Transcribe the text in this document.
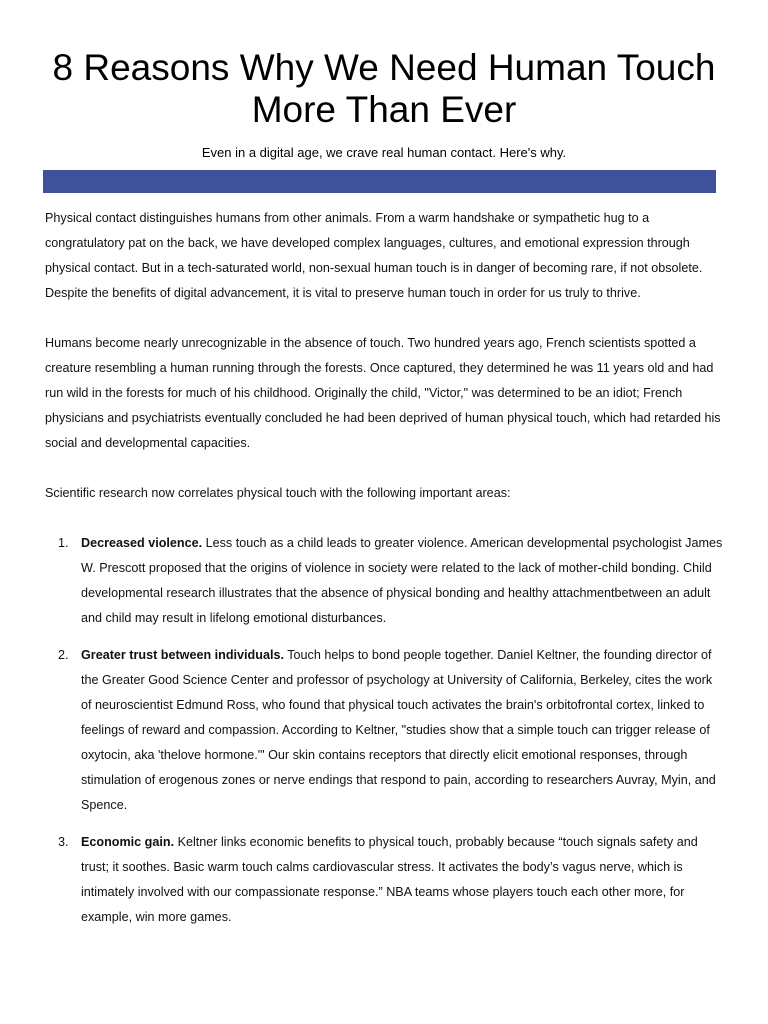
8 Reasons Why We Need Human Touch More Than Ever

Even in a digital age, we crave real human contact. Here's why.

Physical contact distinguishes humans from other animals. From a warm handshake or sympathetic hug to a congratulatory pat on the back, we have developed complex languages, cultures, and emotional expression through physical contact. But in a tech-saturated world, non-sexual human touch is in danger of becoming rare, if not obsolete. Despite the benefits of digital advancement, it is vital to preserve human touch in order for us truly to thrive.

Humans become nearly unrecognizable in the absence of touch. Two hundred years ago, French scientists spotted a creature resembling a human running through the forests. Once captured, they determined he was 11 years old and had run wild in the forests for much of his childhood. Originally the child, "Victor," was determined to be an idiot; French physicians and psychiatrists eventually concluded he had been deprived of human physical touch, which had retarded his social and developmental capacities.

Scientific research now correlates physical touch with the following important areas:

1. Decreased violence. Less touch as a child leads to greater violence. American developmental psychologist James W. Prescott proposed that the origins of violence in society were related to the lack of mother-child bonding. Child developmental research illustrates that the absence of physical bonding and healthy attachmentbetween an adult and child may result in lifelong emotional disturbances.
2. Greater trust between individuals. Touch helps to bond people together. Daniel Keltner, the founding director of the Greater Good Science Center and professor of psychology at University of California, Berkeley, cites the work of neuroscientist Edmund Ross, who found that physical touch activates the brain's orbitofrontal cortex, linked to feelings of reward and compassion. According to Keltner, "studies show that a simple touch can trigger release of oxytocin, aka 'thelove hormone.'" Our skin contains receptors that directly elicit emotional responses, through stimulation of erogenous zones or nerve endings that respond to pain, according to researchers Auvray, Myin, and Spence.
3. Economic gain. Keltner links economic benefits to physical touch, probably because “touch signals safety and trust; it soothes. Basic warm touch calms cardiovascular stress. It activates the body’s vagus nerve, which is intimately involved with our compassionate response.” NBA teams whose players touch each other more, for example, win more games.
